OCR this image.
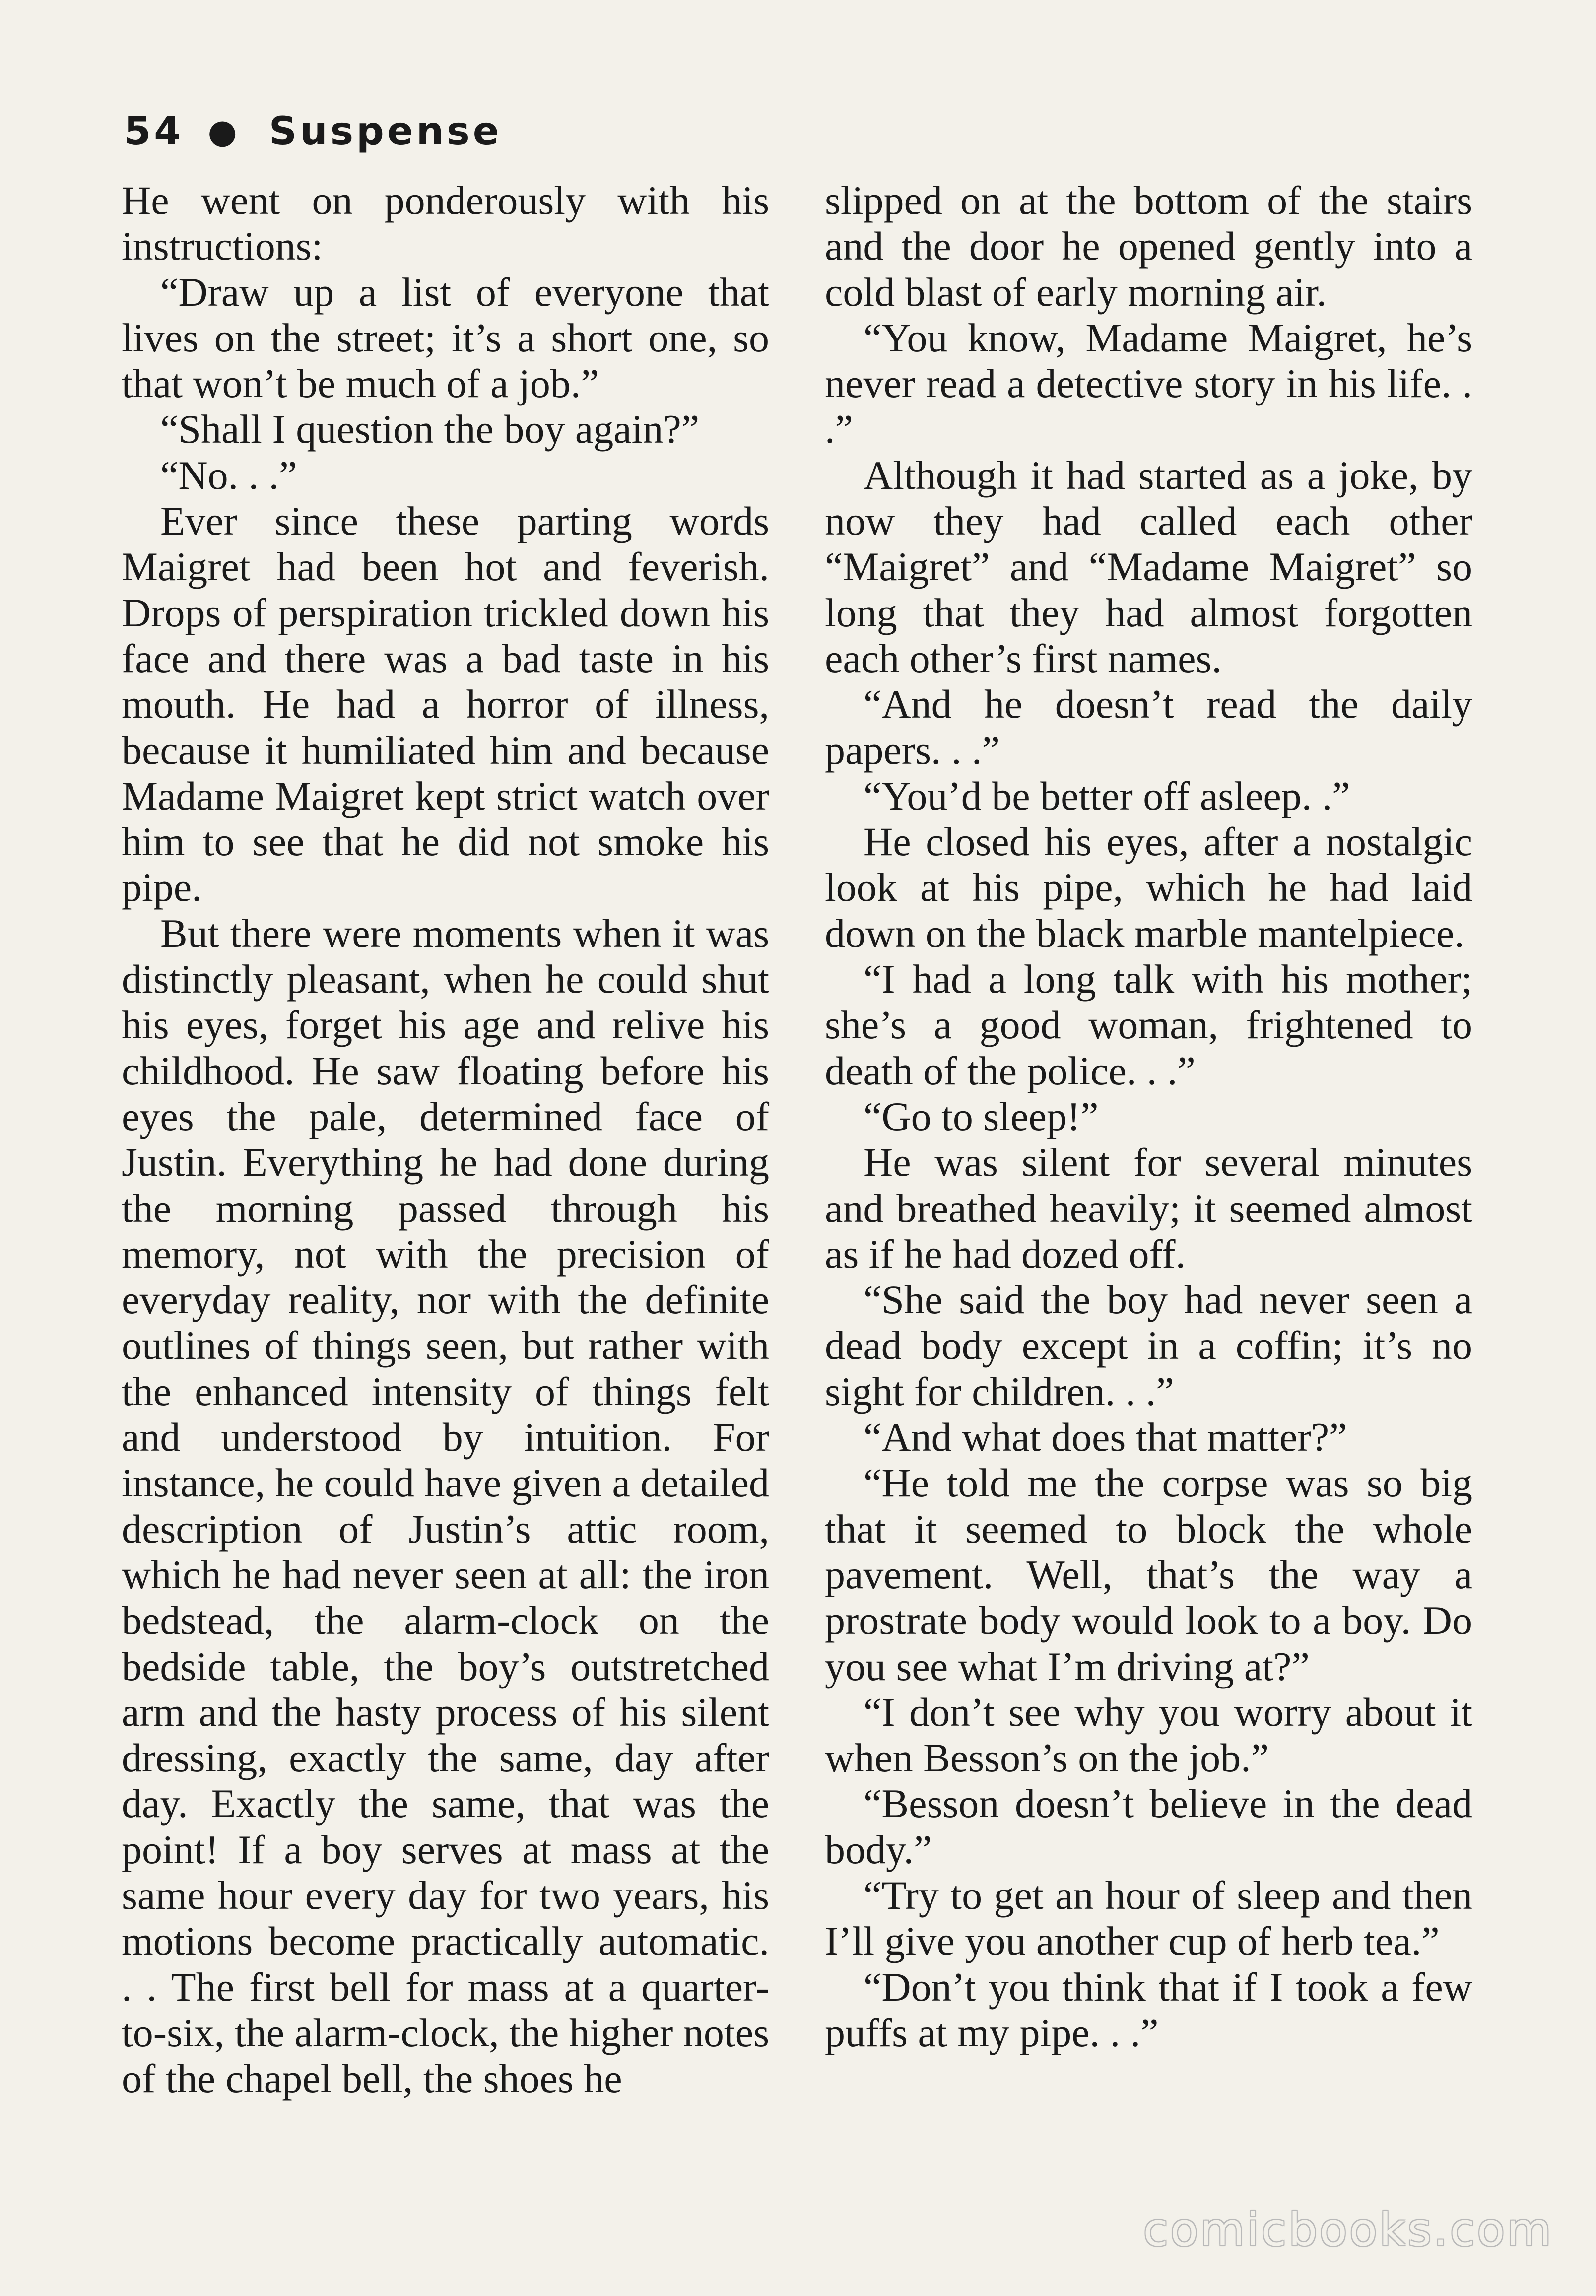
54 ● Suspense

He went on ponderously with his instructions:

“Draw up a list of everyone that lives on the street; it’s a short one, so that won’t be much of a job.”

“Shall I question the boy again?”

“No. . .”

Ever since these parting words Maigret had been hot and feverish. Drops of perspiration trickled down his face and there was a bad taste in his mouth. He had a horror of illness, because it humiliated him and because Madame Maigret kept strict watch over him to see that he did not smoke his pipe.

But there were moments when it was distinctly pleasant, when he could shut his eyes, forget his age and relive his childhood. He saw floating before his eyes the pale, determined face of Justin. Everything he had done during the morning passed through his memory, not with the precision of everyday reality, nor with the definite outlines of things seen, but rather with the enhanced intensity of things felt and understood by intuition. For instance, he could have given a detailed description of Justin’s attic room, which he had never seen at all: the iron bedstead, the alarm-clock on the bedside table, the boy’s outstretched arm and the hasty process of his silent dressing, exactly the same, day after day. Exactly the same, that was the point! If a boy serves at mass at the same hour every day for two years, his motions become practically automatic. . . The first bell for mass at a quarter-to-six, the alarm-clock, the higher notes of the chapel bell, the shoes he

slipped on at the bottom of the stairs and the door he opened gently into a cold blast of early morning air.

“You know, Madame Maigret, he’s never read a detective story in his life. . .”

Although it had started as a joke, by now they had called each other “Maigret” and “Madame Maigret” so long that they had almost forgotten each other’s first names.

“And he doesn’t read the daily papers. . .”

“You’d be better off asleep. .”

He closed his eyes, after a nostalgic look at his pipe, which he had laid down on the black marble mantelpiece.

“I had a long talk with his mother; she’s a good woman, frightened to death of the police. . .”

“Go to sleep!”

He was silent for several minutes and breathed heavily; it seemed almost as if he had dozed off.

“She said the boy had never seen a dead body except in a coffin; it’s no sight for children. . .”

“And what does that matter?”

“He told me the corpse was so big that it seemed to block the whole pavement. Well, that’s the way a prostrate body would look to a boy. Do you see what I’m driving at?”

“I don’t see why you worry about it when Besson’s on the job.”

“Besson doesn’t believe in the dead body.”

“Try to get an hour of sleep and then I’ll give you another cup of herb tea.”

“Don’t you think that if I took a few puffs at my pipe. . .”

comicbooks.com
